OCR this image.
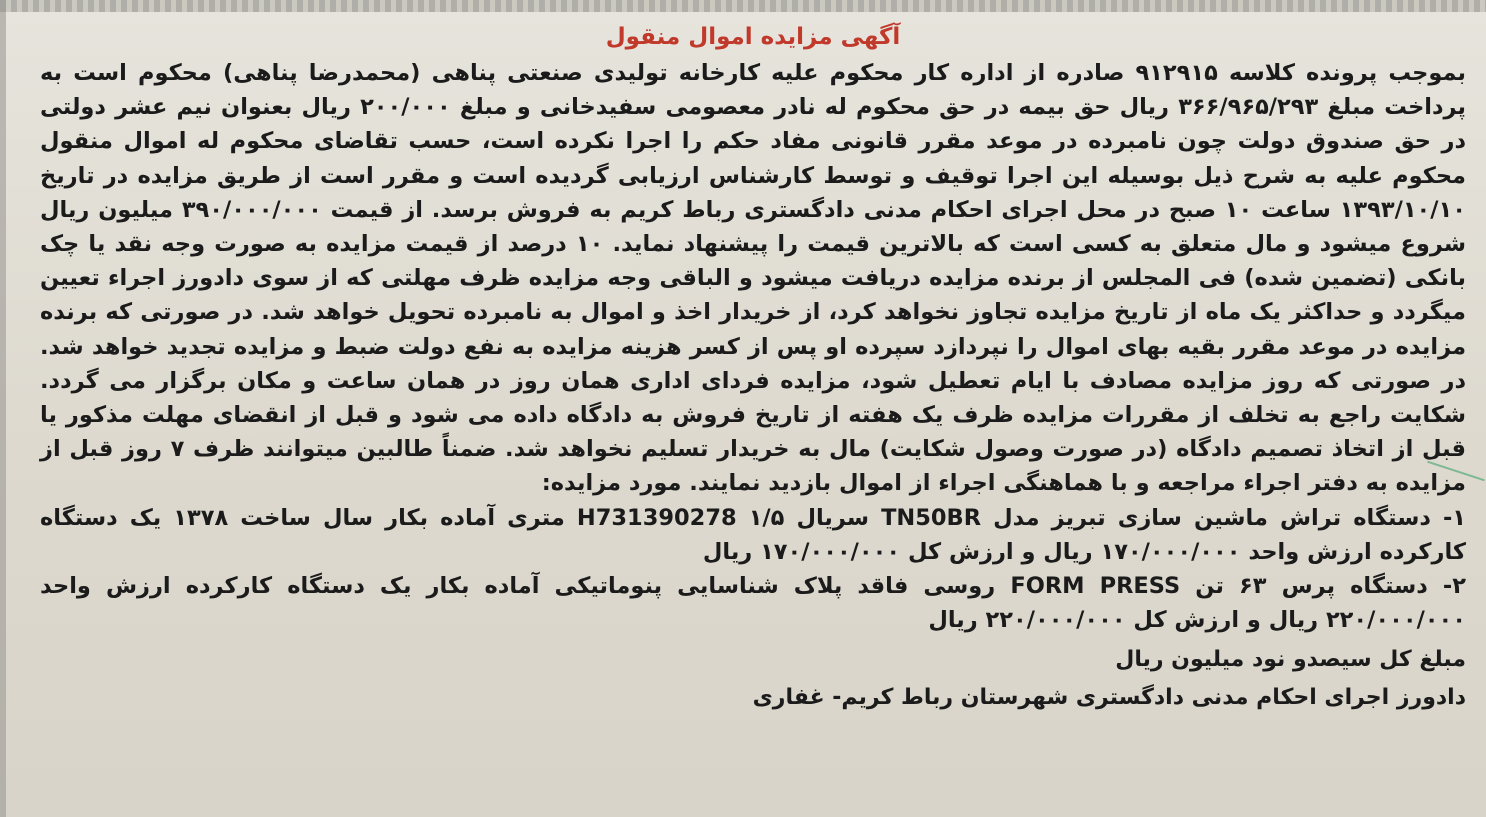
آگهی مزایده اموال منقول

بموجب پرونده کلاسه ۹۱۲۹۱۵ صادره از اداره کار محکوم علیه کارخانه تولیدی صنعتی پناهی (محمدرضا پناهی) محکوم است به پرداخت مبلغ ۳۶۶/۹۶۵/۲۹۳ ریال حق بیمه در حق محکوم له نادر معصومی سفیدخانی و مبلغ ۲۰۰/۰۰۰ ریال بعنوان نیم عشر دولتی در حق صندوق دولت چون نامبرده در موعد مقرر قانونی مفاد حکم را اجرا نکرده است، حسب تقاضای محکوم له اموال منقول محکوم علیه به شرح ذیل بوسیله این اجرا توقیف و توسط کارشناس ارزیابی گردیده است و مقرر است از طریق مزایده در تاریخ ۱۳۹۳/۱۰/۱۰ ساعت ۱۰ صبح در محل اجرای احکام مدنی دادگستری رباط کریم به فروش برسد. از قیمت ۳۹۰/۰۰۰/۰۰۰ میلیون ریال شروع میشود و مال متعلق به کسی است که بالاترین قیمت را پیشنهاد نماید. ۱۰ درصد از قیمت مزایده به صورت وجه نقد یا چک بانکی (تضمین شده) فی المجلس از برنده مزایده دریافت میشود و الباقی وجه مزایده ظرف مهلتی که از سوی دادورز اجراء تعیین میگردد و حداکثر یک ماه از تاریخ مزایده تجاوز نخواهد کرد، از خریدار اخذ و اموال به نامبرده تحویل خواهد شد. در صورتی که برنده مزایده در موعد مقرر بقیه بهای اموال را نپردازد سپرده او پس از کسر هزینه مزایده به نفع دولت ضبط و مزایده تجدید خواهد شد. در صورتی که روز مزایده مصادف با ایام تعطیل شود، مزایده فردای اداری همان روز در همان ساعت و مکان برگزار می گردد. شکایت راجع به تخلف از مقررات مزایده ظرف یک هفته از تاریخ فروش به دادگاه داده می شود و قبل از انقضای مهلت مذکور یا قبل از اتخاذ تصمیم دادگاه (در صورت وصول شکایت) مال به خریدار تسلیم نخواهد شد. ضمناً طالبین میتوانند ظرف ۷ روز قبل از مزایده به دفتر اجراء مراجعه و با هماهنگی اجراء از اموال بازدید نمایند. مورد مزایده:

۱- دستگاه تراش ماشین سازی تبریز مدل TN50BR سریال H731390278 ۱/۵ متری آماده بکار سال ساخت ۱۳۷۸ یک دستگاه کارکرده ارزش واحد ۱۷۰/۰۰۰/۰۰۰ ریال و ارزش کل ۱۷۰/۰۰۰/۰۰۰ ریال

۲- دستگاه پرس ۶۳ تن FORM PRESS روسی فاقد پلاک شناسایی پنوماتیکی آماده بکار یک دستگاه کارکرده ارزش واحد ۲۲۰/۰۰۰/۰۰۰ ریال و ارزش کل ۲۲۰/۰۰۰/۰۰۰ ریال

مبلغ کل سیصدو نود میلیون ریال

دادورز اجرای احکام مدنی دادگستری شهرستان رباط کریم- غفاری
